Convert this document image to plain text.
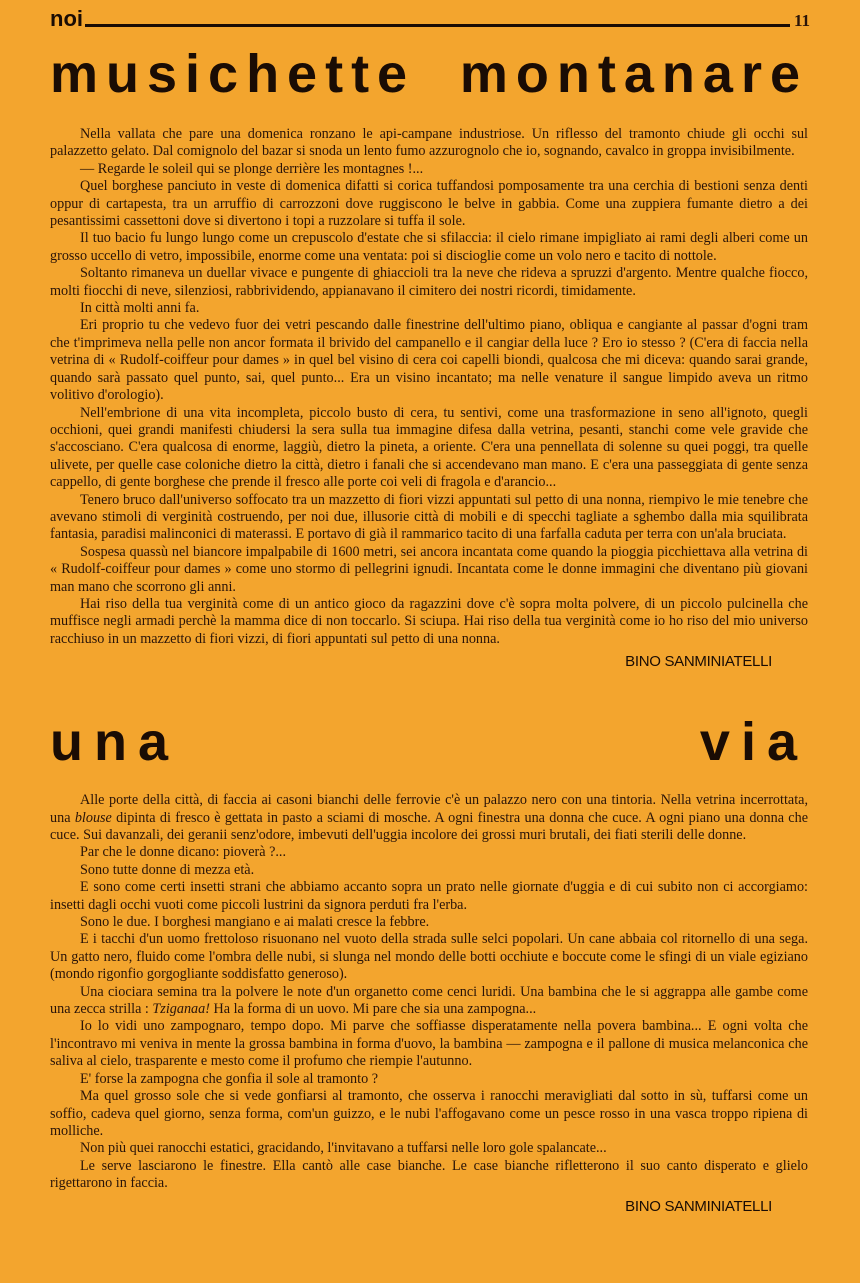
noi	11
musichette montanare

Nella vallata che pare una domenica ronzano le api-campane industriose. Un riflesso del tramonto chiude gli occhi sul palazzetto gelato. Dal comignolo del bazar si snoda un lento fumo azzurognolo che io, sognando, cavalco in groppa invisibilmente.

— Regarde le soleil qui se plonge derrière les montagnes !...

Quel borghese panciuto in veste di domenica difatti si corica tuffandosi pomposamente tra una cerchia di bestioni senza denti oppur di cartapesta, tra un arruffio di carrozzoni dove ruggiscono le belve in gabbia. Come una zuppiera fumante dietro a dei pesantissimi cassettoni dove si divertono i topi a ruzzolare si tuffa il sole.

Il tuo bacio fu lungo lungo come un crepuscolo d'estate che si sfilaccia: il cielo rimane impigliato ai rami degli alberi come un grosso uccello di vetro, impossibile, enorme come una ventata: poi si discioglie come un volo nero e tacito di nottole.

Soltanto rimaneva un duellar vivace e pungente di ghiaccioli tra la neve che rideva a spruzzi d'argento. Mentre qualche fiocco, molti fiocchi di neve, silenziosi, rabbrividendo, appianavano il cimitero dei nostri ricordi, timidamente.

In città molti anni fa.

Eri proprio tu che vedevo fuor dei vetri pescando dalle finestrine dell'ultimo piano, obliqua e cangiante al passar d'ogni tram che t'imprimeva nella pelle non ancor formata il brivido del campanello e il cangiar della luce ? Ero io stesso ? (C'era di faccia nella vetrina di « Rudolf-coiffeur pour dames » in quel bel visino di cera coi capelli biondi, qualcosa che mi diceva: quando sarai grande, quando sarà passato quel punto, sai, quel punto... Era un visino incantato; ma nelle venature il sangue limpido aveva un ritmo volitivo d'orologio).

Nell'embrione di una vita incompleta, piccolo busto di cera, tu sentivi, come una trasformazione in seno all'ignoto, quegli occhioni, quei grandi manifesti chiudersi la sera sulla tua immagine difesa dalla vetrina, pesanti, stanchi come vele gravide che s'accosciano. C'era qualcosa di enorme, laggiù, dietro la pineta, a oriente. C'era una pennellata di solenne su quei poggi, tra quelle ulivete, per quelle case coloniche dietro la città, dietro i fanali che si accendevano man mano. E c'era una passeggiata di gente senza cappello, di gente borghese che prende il fresco alle porte coi veli di fragola e d'arancio...

Tenero bruco dall'universo soffocato tra un mazzetto di fiori vizzi appuntati sul petto di una nonna, riempivo le mie tenebre che avevano stimoli di verginità costruendo, per noi due, illusorie città di mobili e di specchi tagliate a sghembo dalla mia squilibrata fantasia, paradisi malinconici di materassi. E portavo di già il rammarico tacito di una farfalla caduta per terra con un'ala bruciata.

Sospesa quassù nel biancore impalpabile di 1600 metri, sei ancora incantata come quando la pioggia picchiettava alla vetrina di « Rudolf-coiffeur pour dames » come uno stormo di pellegrini ignudi. Incantata come le donne immagini che diventano più giovani man mano che scorrono gli anni.

Hai riso della tua verginità come di un antico gioco da ragazzini dove c'è sopra molta polvere, di un piccolo pulcinella che muffisce negli armadi perchè la mamma dice di non toccarlo. Si sciupa. Hai riso della tua verginità come io ho riso del mio universo racchiuso in un mazzetto di fiori vizzi, di fiori appuntati sul petto di una nonna.

BINO SANMINIATELLI
una	via

Alle porte della città, di faccia ai casoni bianchi delle ferrovie c'è un palazzo nero con una tintoria. Nella vetrina incerrottata, una blouse dipinta di fresco è gettata in pasto a sciami di mosche. A ogni finestra una donna che cuce. A ogni piano una donna che cuce. Sui davanzali, dei geranii senz'odore, imbevuti dell'uggia incolore dei grossi muri brutali, dei fiati sterili delle donne.

Par che le donne dicano: pioverà ?...

Sono tutte donne di mezza età.

E sono come certi insetti strani che abbiamo accanto sopra un prato nelle giornate d'uggia e di cui subito non ci accorgiamo: insetti dagli occhi vuoti come piccoli lustrini da signora perduti fra l'erba.

Sono le due. I borghesi mangiano e ai malati cresce la febbre.

E i tacchi d'un uomo frettoloso risuonano nel vuoto della strada sulle selci popolari. Un cane abbaia col ritornello di una sega. Un gatto nero, fluido come l'ombra delle nubi, si slunga nel mondo delle botti occhiute e boccute come le sfingi di un viale egiziano (mondo rigonfio gorgogliante soddisfatto generoso).

Una ciociara semina tra la polvere le note d'un organetto come cenci luridi. Una bambina che le si aggrappa alle gambe come una zecca strilla : Tziganaa! Ha la forma di un uovo. Mi pare che sia una zampogna...

Io lo vidi uno zampognaro, tempo dopo. Mi parve che soffiasse disperatamente nella povera bambina... E ogni volta che l'incontravo mi veniva in mente la grossa bambina in forma d'uovo, la bambina — zampogna e il pallone di musica melanconica che saliva al cielo, trasparente e mesto come il profumo che riempie l'autunno.

E' forse la zampogna che gonfia il sole al tramonto ?

Ma quel grosso sole che si vede gonfiarsi al tramonto, che osserva i ranocchi meravigliati dal sotto in sù, tuffarsi come un soffio, cadeva quel giorno, senza forma, com'un guizzo, e le nubi l'affogavano come un pesce rosso in una vasca troppo ripiena di molliche.

Non più quei ranocchi estatici, gracidando, l'invitavano a tuffarsi nelle loro gole spalancate...

Le serve lasciarono le finestre. Ella cantò alle case bianche. Le case bianche rifletterono il suo canto disperato e glielo rigettarono in faccia.

BINO SANMINIATELLI
